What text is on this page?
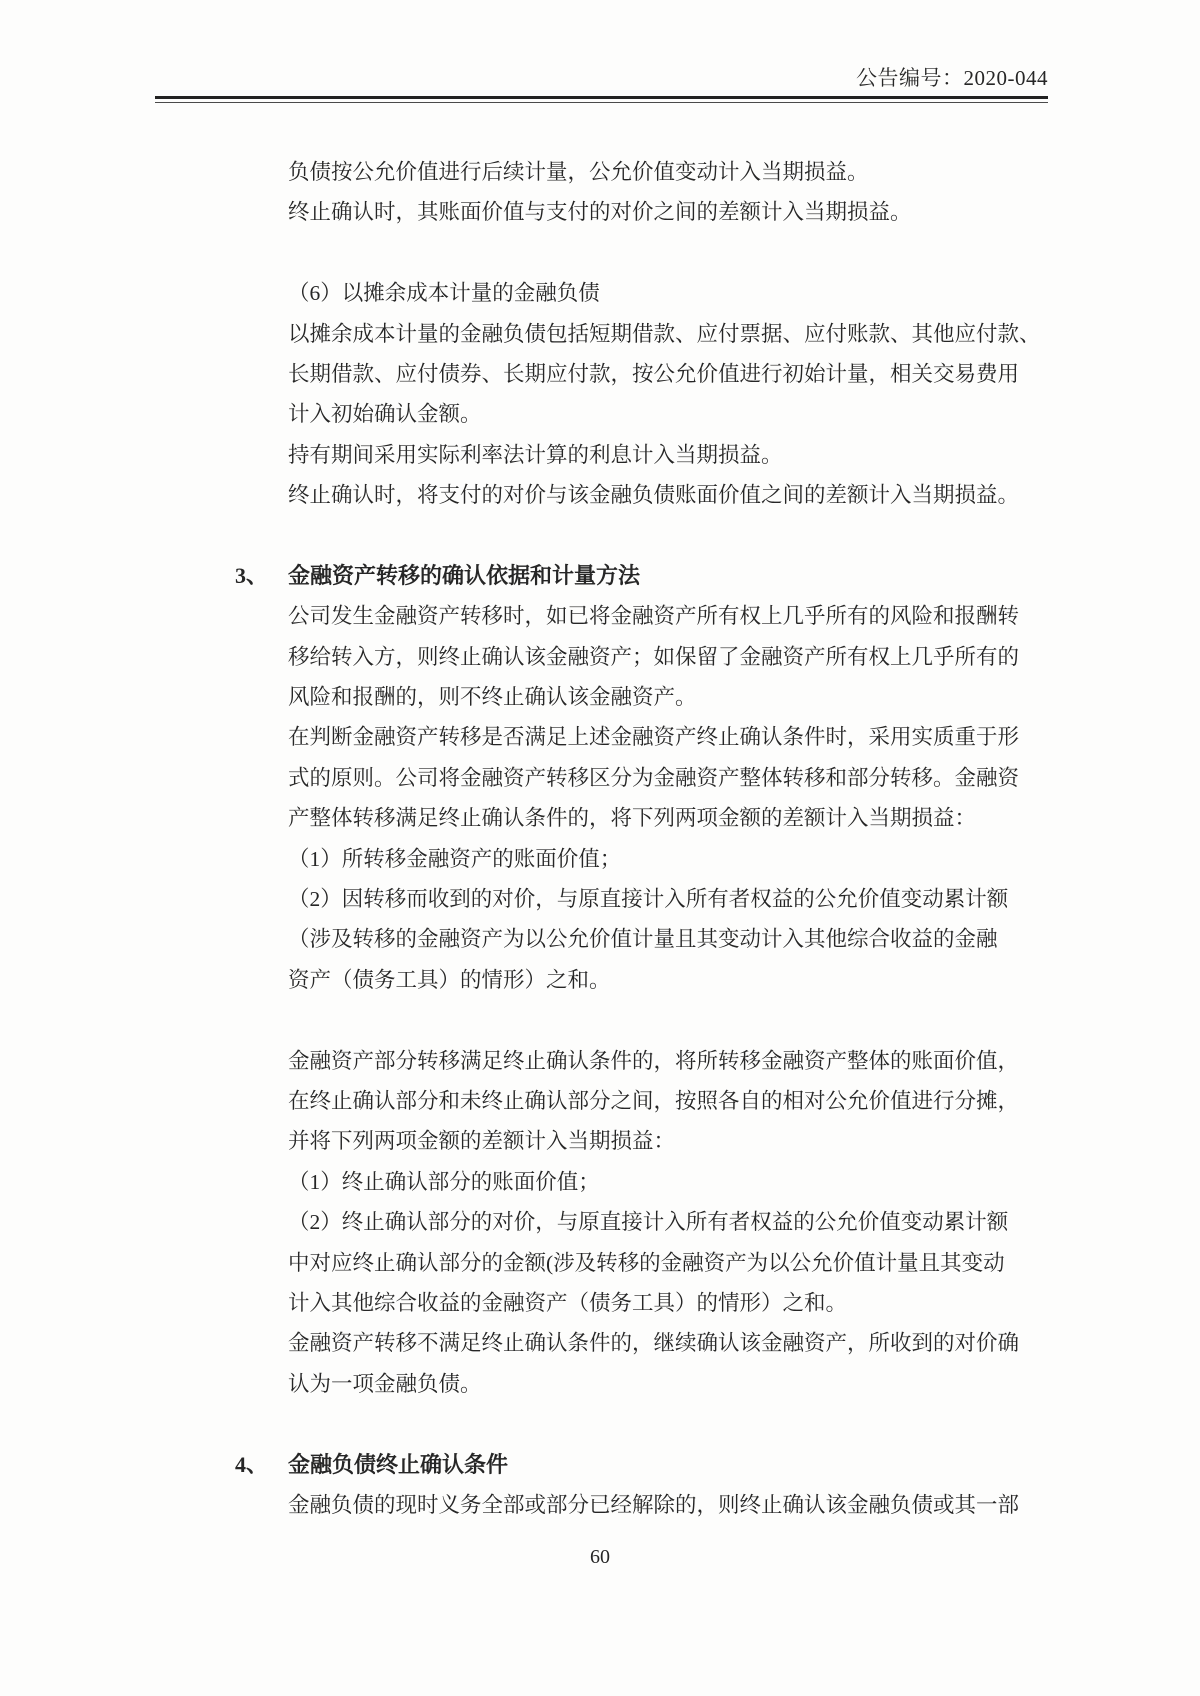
公告编号：2020-044
负债按公允价值进行后续计量，公允价值变动计入当期损益。
终止确认时，其账面价值与支付的对价之间的差额计入当期损益。
（6）以摊余成本计量的金融负债
以摊余成本计量的金融负债包括短期借款、应付票据、应付账款、其他应付款、
长期借款、应付债券、长期应付款，按公允价值进行初始计量，相关交易费用
计入初始确认金额。
持有期间采用实际利率法计算的利息计入当期损益。
终止确认时，将支付的对价与该金融负债账面价值之间的差额计入当期损益。
3、 金融资产转移的确认依据和计量方法
公司发生金融资产转移时，如已将金融资产所有权上几乎所有的风险和报酬转
移给转入方，则终止确认该金融资产；如保留了金融资产所有权上几乎所有的
风险和报酬的，则不终止确认该金融资产。
在判断金融资产转移是否满足上述金融资产终止确认条件时，采用实质重于形
式的原则。公司将金融资产转移区分为金融资产整体转移和部分转移。金融资
产整体转移满足终止确认条件的，将下列两项金额的差额计入当期损益：
（1）所转移金融资产的账面价值；
（2）因转移而收到的对价，与原直接计入所有者权益的公允价值变动累计额
（涉及转移的金融资产为以公允价值计量且其变动计入其他综合收益的金融
资产（债务工具）的情形）之和。
金融资产部分转移满足终止确认条件的，将所转移金融资产整体的账面价值，
在终止确认部分和未终止确认部分之间，按照各自的相对公允价值进行分摊，
并将下列两项金额的差额计入当期损益：
（1）终止确认部分的账面价值；
（2）终止确认部分的对价，与原直接计入所有者权益的公允价值变动累计额
中对应终止确认部分的金额(涉及转移的金融资产为以公允价值计量且其变动
计入其他综合收益的金融资产（债务工具）的情形）之和。
金融资产转移不满足终止确认条件的，继续确认该金融资产，所收到的对价确
认为一项金融负债。
4、 金融负债终止确认条件
金融负债的现时义务全部或部分已经解除的，则终止确认该金融负债或其一部
60
